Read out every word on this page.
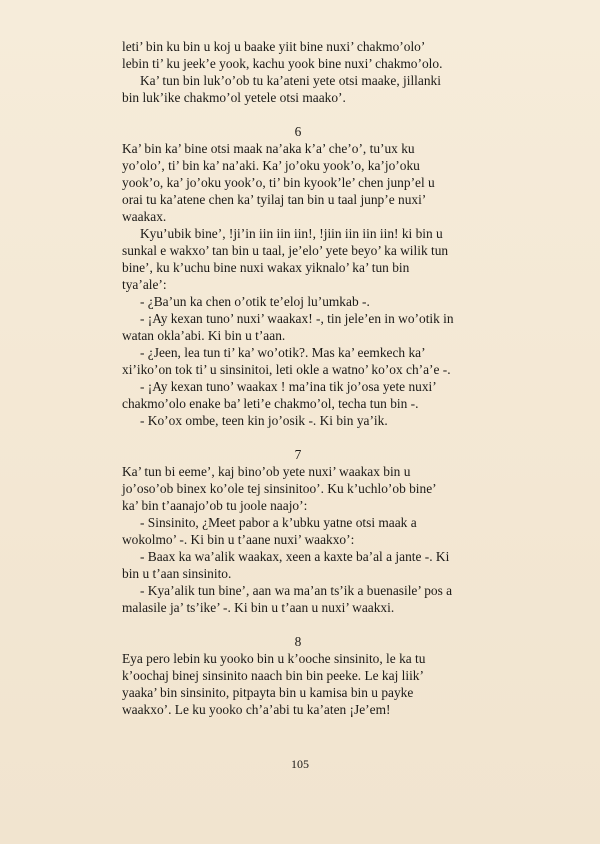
leti’ bin ku bin u koj u baake yiit bine nuxi’ chakmo’olo’
lebin ti’ ku jeek’e yook, kachu yook bine nuxi’ chakmo’olo.
Ka’ tun bin luk’o’ob tu ka’ateni yete otsi maake, jillanki
bin luk’ike chakmo’ol yetele otsi maako’.
6
Ka’ bin ka’ bine otsi maak na’aka k’a’ che’o’, tu’ux ku
yo’olo’, ti’ bin ka’ na’aki. Ka’ jo’oku yook’o, ka’jo’oku
yook’o, ka’ jo’oku yook’o, ti’ bin kyook’le’ chen junp’el u
orai tu ka’atene chen ka’ tyilaj tan bin u taal junp’e nuxi’
waakax.
Kyu’ubik bine’, !ji’in iin iin iin!, !jiin iin iin iin! ki bin u
sunkal e wakxo’ tan bin u taal, je’elo’ yete beyo’ ka wilik tun
bine’, ku k’uchu bine nuxi wakax yiknalo’ ka’ tun bin
tya’ale’:
- ¿Ba’un ka chen o’otik te’eloj lu’umkab -.
- ¡Ay kexan tuno’ nuxi’ waakax! -, tin jele’en in wo’otik in
watan okla’abi. Ki bin u t’aan.
- ¿Jeen, lea tun ti’ ka’ wo’otik?. Mas ka’ eemkech ka’
xi’iko’on tok ti’ u sinsinitoi, leti okle a watno’ ko’ox ch’a’e -.
- ¡Ay kexan tuno’ waakax ! ma’ina tik jo’osa yete nuxi’
chakmo’olo enake ba’ leti’e chakmo’ol, techa tun bin -.
- Ko’ox ombe, teen kin jo’osik -. Ki bin ya’ik.
7
Ka’ tun bi eeme’, kaj bino’ob yete nuxi’ waakax bin u
jo’oso’ob binex ko’ole tej sinsinitoo’. Ku k’uchlo’ob bine’
ka’ bin t’aanajo’ob tu joole naajo’:
- Sinsinito, ¿Meet pabor a k’ubku yatne otsi maak a
wokolmo’ -. Ki bin u t’aane nuxi’ waakxo’:
- Baax ka wa’alik waakax, xeen a kaxte ba’al a jante -. Ki
bin u t’aan sinsinito.
- Kya’alik tun bine’, aan wa ma’an ts’ik a buenasile’ pos a
malasile ja’ ts’ike’ -. Ki bin u t’aan u nuxi’ waakxi.
8
Eya pero lebin ku yooko bin u k’ooche sinsinito, le ka tu
k’oochaj binej sinsinito naach bin bin peeke. Le kaj liik’
yaaka’ bin sinsinito, pitpayta bin u kamisa bin u payke
waakxo’. Le ku yooko ch’a’abi tu ka’aten ¡Je’em!
105
